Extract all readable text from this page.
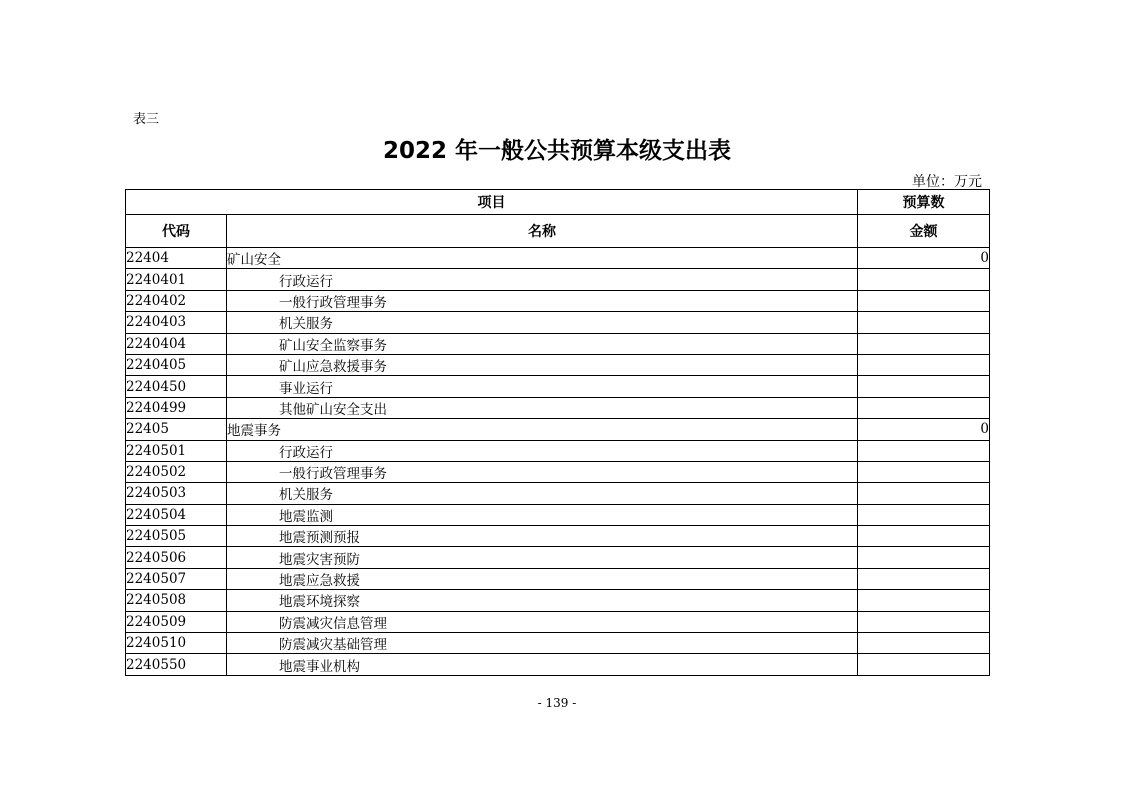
表三
2022 年一般公共预算本级支出表
单位：万元
项目		预算数
代码	名称	金额
22404	矿山安全	0
2240401	行政运行	
2240402	一般行政管理事务	
2240403	机关服务	
2240404	矿山安全监察事务	
2240405	矿山应急救援事务	
2240450	事业运行	
2240499	其他矿山安全支出	
22405	地震事务	0
2240501	行政运行	
2240502	一般行政管理事务	
2240503	机关服务	
2240504	地震监测	
2240505	地震预测预报	
2240506	地震灾害预防	
2240507	地震应急救援	
2240508	地震环境探察	
2240509	防震减灾信息管理	
2240510	防震减灾基础管理	
2240550	地震事业机构	
- 139 -
